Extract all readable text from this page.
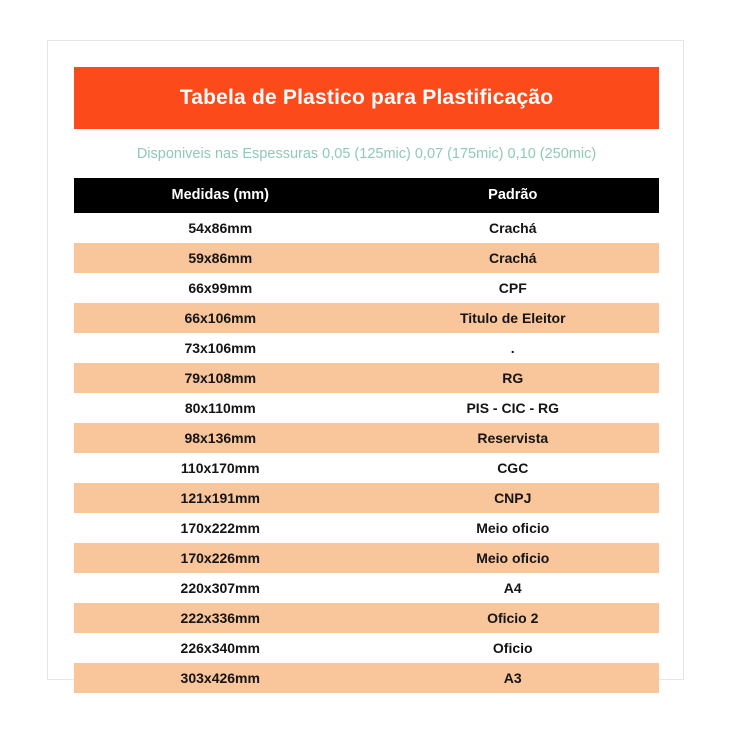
Tabela de Plastico para Plastificação
Disponiveis nas Espessuras 0,05 (125mic) 0,07 (175mic) 0,10 (250mic)
Medidas (mm)	Padrão
54x86mm	Crachá
59x86mm	Crachá
66x99mm	CPF
66x106mm	Titulo de Eleitor
73x106mm	.
79x108mm	RG
80x110mm	PIS - CIC - RG
98x136mm	Reservista
110x170mm	CGC
121x191mm	CNPJ
170x222mm	Meio oficio
170x226mm	Meio oficio
220x307mm	A4
222x336mm	Oficio 2
226x340mm	Oficio
303x426mm	A3
